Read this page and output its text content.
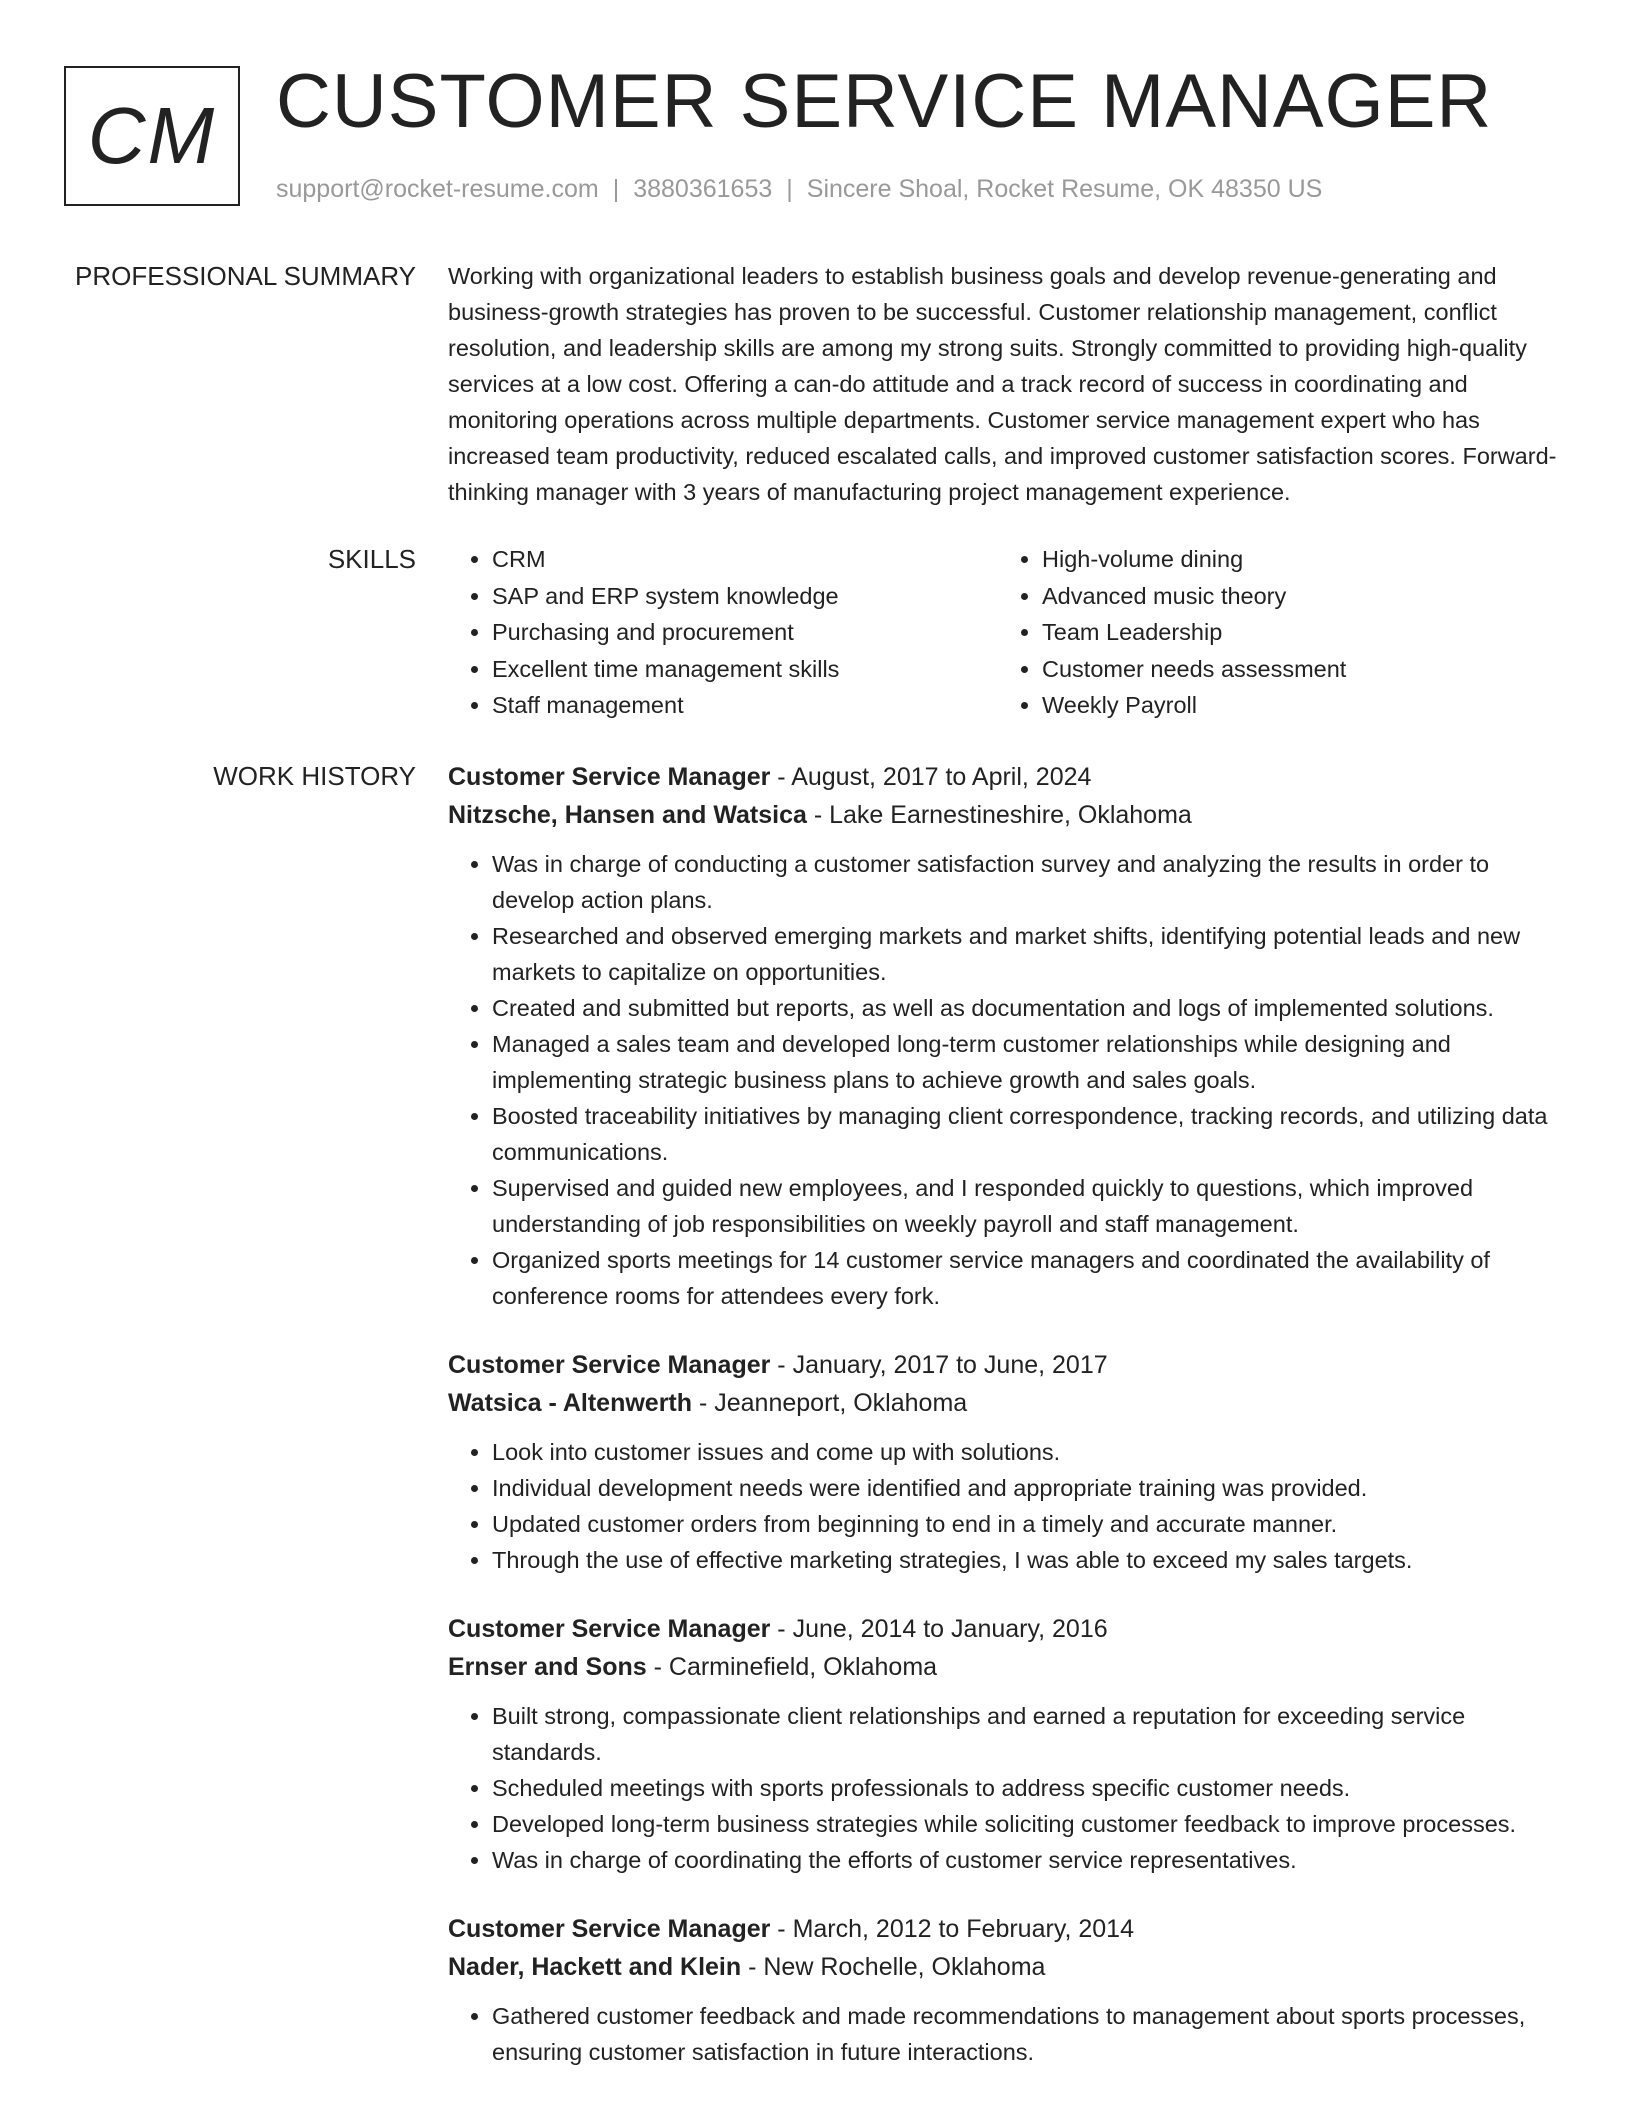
CM CUSTOMER SERVICE MANAGER
support@rocket-resume.com | 3880361653 | Sincere Shoal, Rocket Resume, OK 48350 US
PROFESSIONAL SUMMARY Working with organizational leaders to establish business goals and develop revenue-generating and business-growth strategies has proven to be successful. Customer relationship management, conflict resolution, and leadership skills are among my strong suits. Strongly committed to providing high-quality services at a low cost. Offering a can-do attitude and a track record of success in coordinating and monitoring operations across multiple departments. Customer service management expert who has increased team productivity, reduced escalated calls, and improved customer satisfaction scores. Forward-thinking manager with 3 years of manufacturing project management experience.

SKILLS
•	CRM
• SAP and ERP system knowledge
• Purchasing and procurement
• Excellent time management skills
• Staff management
• High-volume dining
• Advanced music theory
• Team Leadership
• Customer needs assessment
• Weekly Payroll
WORK HISTORY Customer Service Manager - August, 2017 to April, 2024
Nitzsche, Hansen and Watsica - Lake Earnestineshire, Oklahoma
• Was in charge of conducting a customer satisfaction survey and analyzing the results in order to develop action plans.
• Researched and observed emerging markets and market shifts, identifying potential leads and new markets to capitalize on opportunities.
• Created and submitted but reports, as well as documentation and logs of implemented solutions.
• Managed a sales team and developed long-term customer relationships while designing and implementing strategic business plans to achieve growth and sales goals.
• Boosted traceability initiatives by managing client correspondence, tracking records, and utilizing data communications.
• Supervised and guided new employees, and I responded quickly to questions, which improved understanding of job responsibilities on weekly payroll and staff management.
• Organized sports meetings for 14 customer service managers and coordinated the availability of conference rooms for attendees every fork.
Customer Service Manager - January, 2017 to June, 2017
Watsica - Altenwerth - Jeanneport, Oklahoma
• Look into customer issues and come up with solutions.
• Individual development needs were identified and appropriate training was provided.
• Updated customer orders from beginning to end in a timely and accurate manner.
• Through the use of effective marketing strategies, I was able to exceed my sales targets.
Customer Service Manager - June, 2014 to January, 2016
Ernser and Sons - Carminefield, Oklahoma
• Built strong, compassionate client relationships and earned a reputation for exceeding service standards.
• Scheduled meetings with sports professionals to address specific customer needs.
• Developed long-term business strategies while soliciting customer feedback to improve processes.
• Was in charge of coordinating the efforts of customer service representatives.
Customer Service Manager - March, 2012 to February, 2014
Nader, Hackett and Klein - New Rochelle, Oklahoma
• Gathered customer feedback and made recommendations to management about sports processes, ensuring customer satisfaction in future interactions.
